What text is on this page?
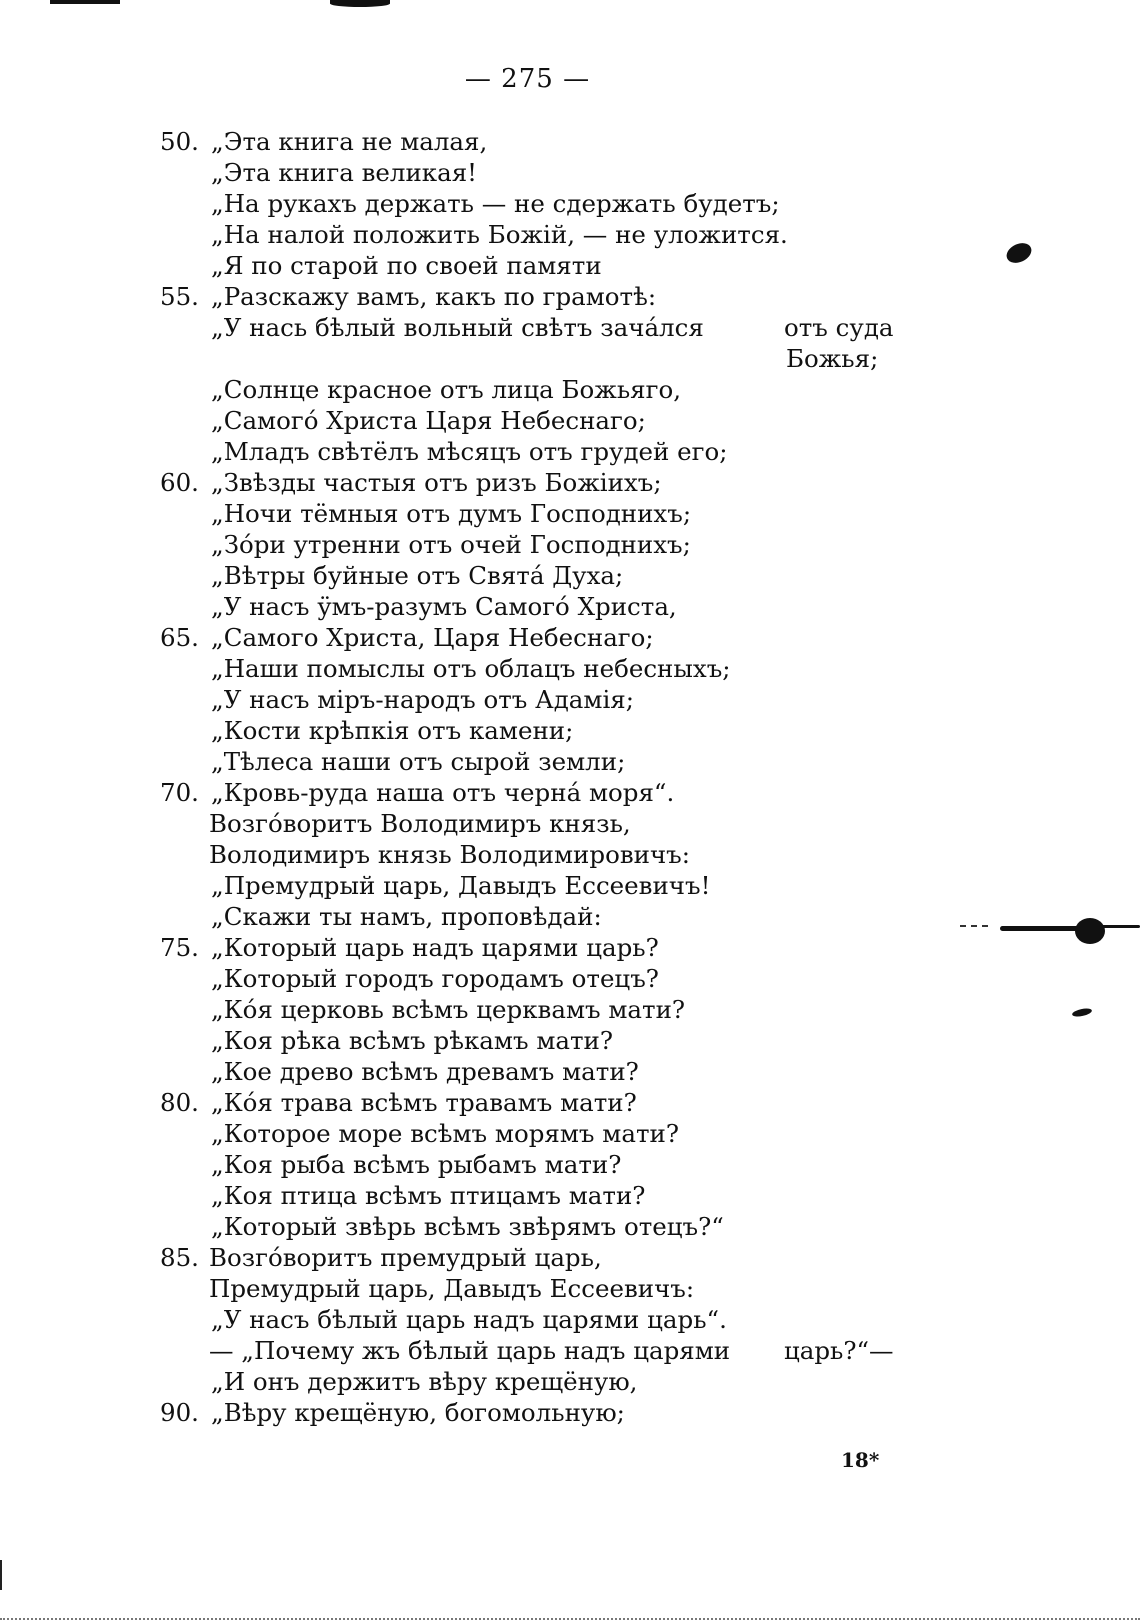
— 275 —
50. „Эта книга не малая,
„Эта книга великая!
„На рукахъ держать — не сдержать будетъ;
„На налой положить Божій, — не уложится.
„Я по старой по своей памяти
55. „Разскажу вамъ, какъ по грамотѣ:
„У нась бѣлый вольный свѣтъ зачáлся	отъ суда
Божья;
„Солнце красное отъ лица Божьяго,
„Самогó Христа Царя Небеснаго;
„Младъ свѣтёлъ мѣсяцъ отъ грудей его;
60. „Звѣзды частыя отъ ризъ Божіихъ;
„Ночи тёмныя отъ думъ Господнихъ;
„Зóри утренни отъ очей Господнихъ;
„Вѣтры буйные отъ Свята́ Духа;
„У насъ ӱмъ-разумъ Самогó Христа,
65. „Самого Христа, Царя Небеснаго;
„Наши помыслы отъ облацъ небесныхъ;
„У насъ міръ-народъ отъ Адамія;
„Кости крѣпкія отъ камени;
„Тѣлеса наши отъ сырой земли;
70. „Кровь-руда наша отъ черна́ моря“.
Возгóворитъ Володимиръ князь,
Володимиръ князь Володимировичъ:
„Премудрый царь, Давыдъ Ессеевичъ!
„Скажи ты намъ, проповѣдай:
75. „Который царь надъ царями царь?
„Который городъ городамъ отецъ?
„Кóя церковь всѣмъ церквамъ мати?
„Коя рѣка всѣмъ рѣкамъ мати?
„Кое древо всѣмъ древамъ мати?
80. „Кóя трава всѣмъ травамъ мати?
„Которое море всѣмъ морямъ мати?
„Коя рыба всѣмъ рыбамъ мати?
„Коя птица всѣмъ птицамъ мати?
„Который звѣрь всѣмъ звѣрямъ отецъ?“
85. Возгóворитъ премудрый царь,
Премудрый царь, Давыдъ Ессеевичъ:
„У насъ бѣлый царь надъ царями царь“.
— „Почему жъ бѣлый царь надъ царями царь?“—
„И онъ держитъ вѣру крещёную,
90. „Вѣру крещёную, богомольную;
18*
